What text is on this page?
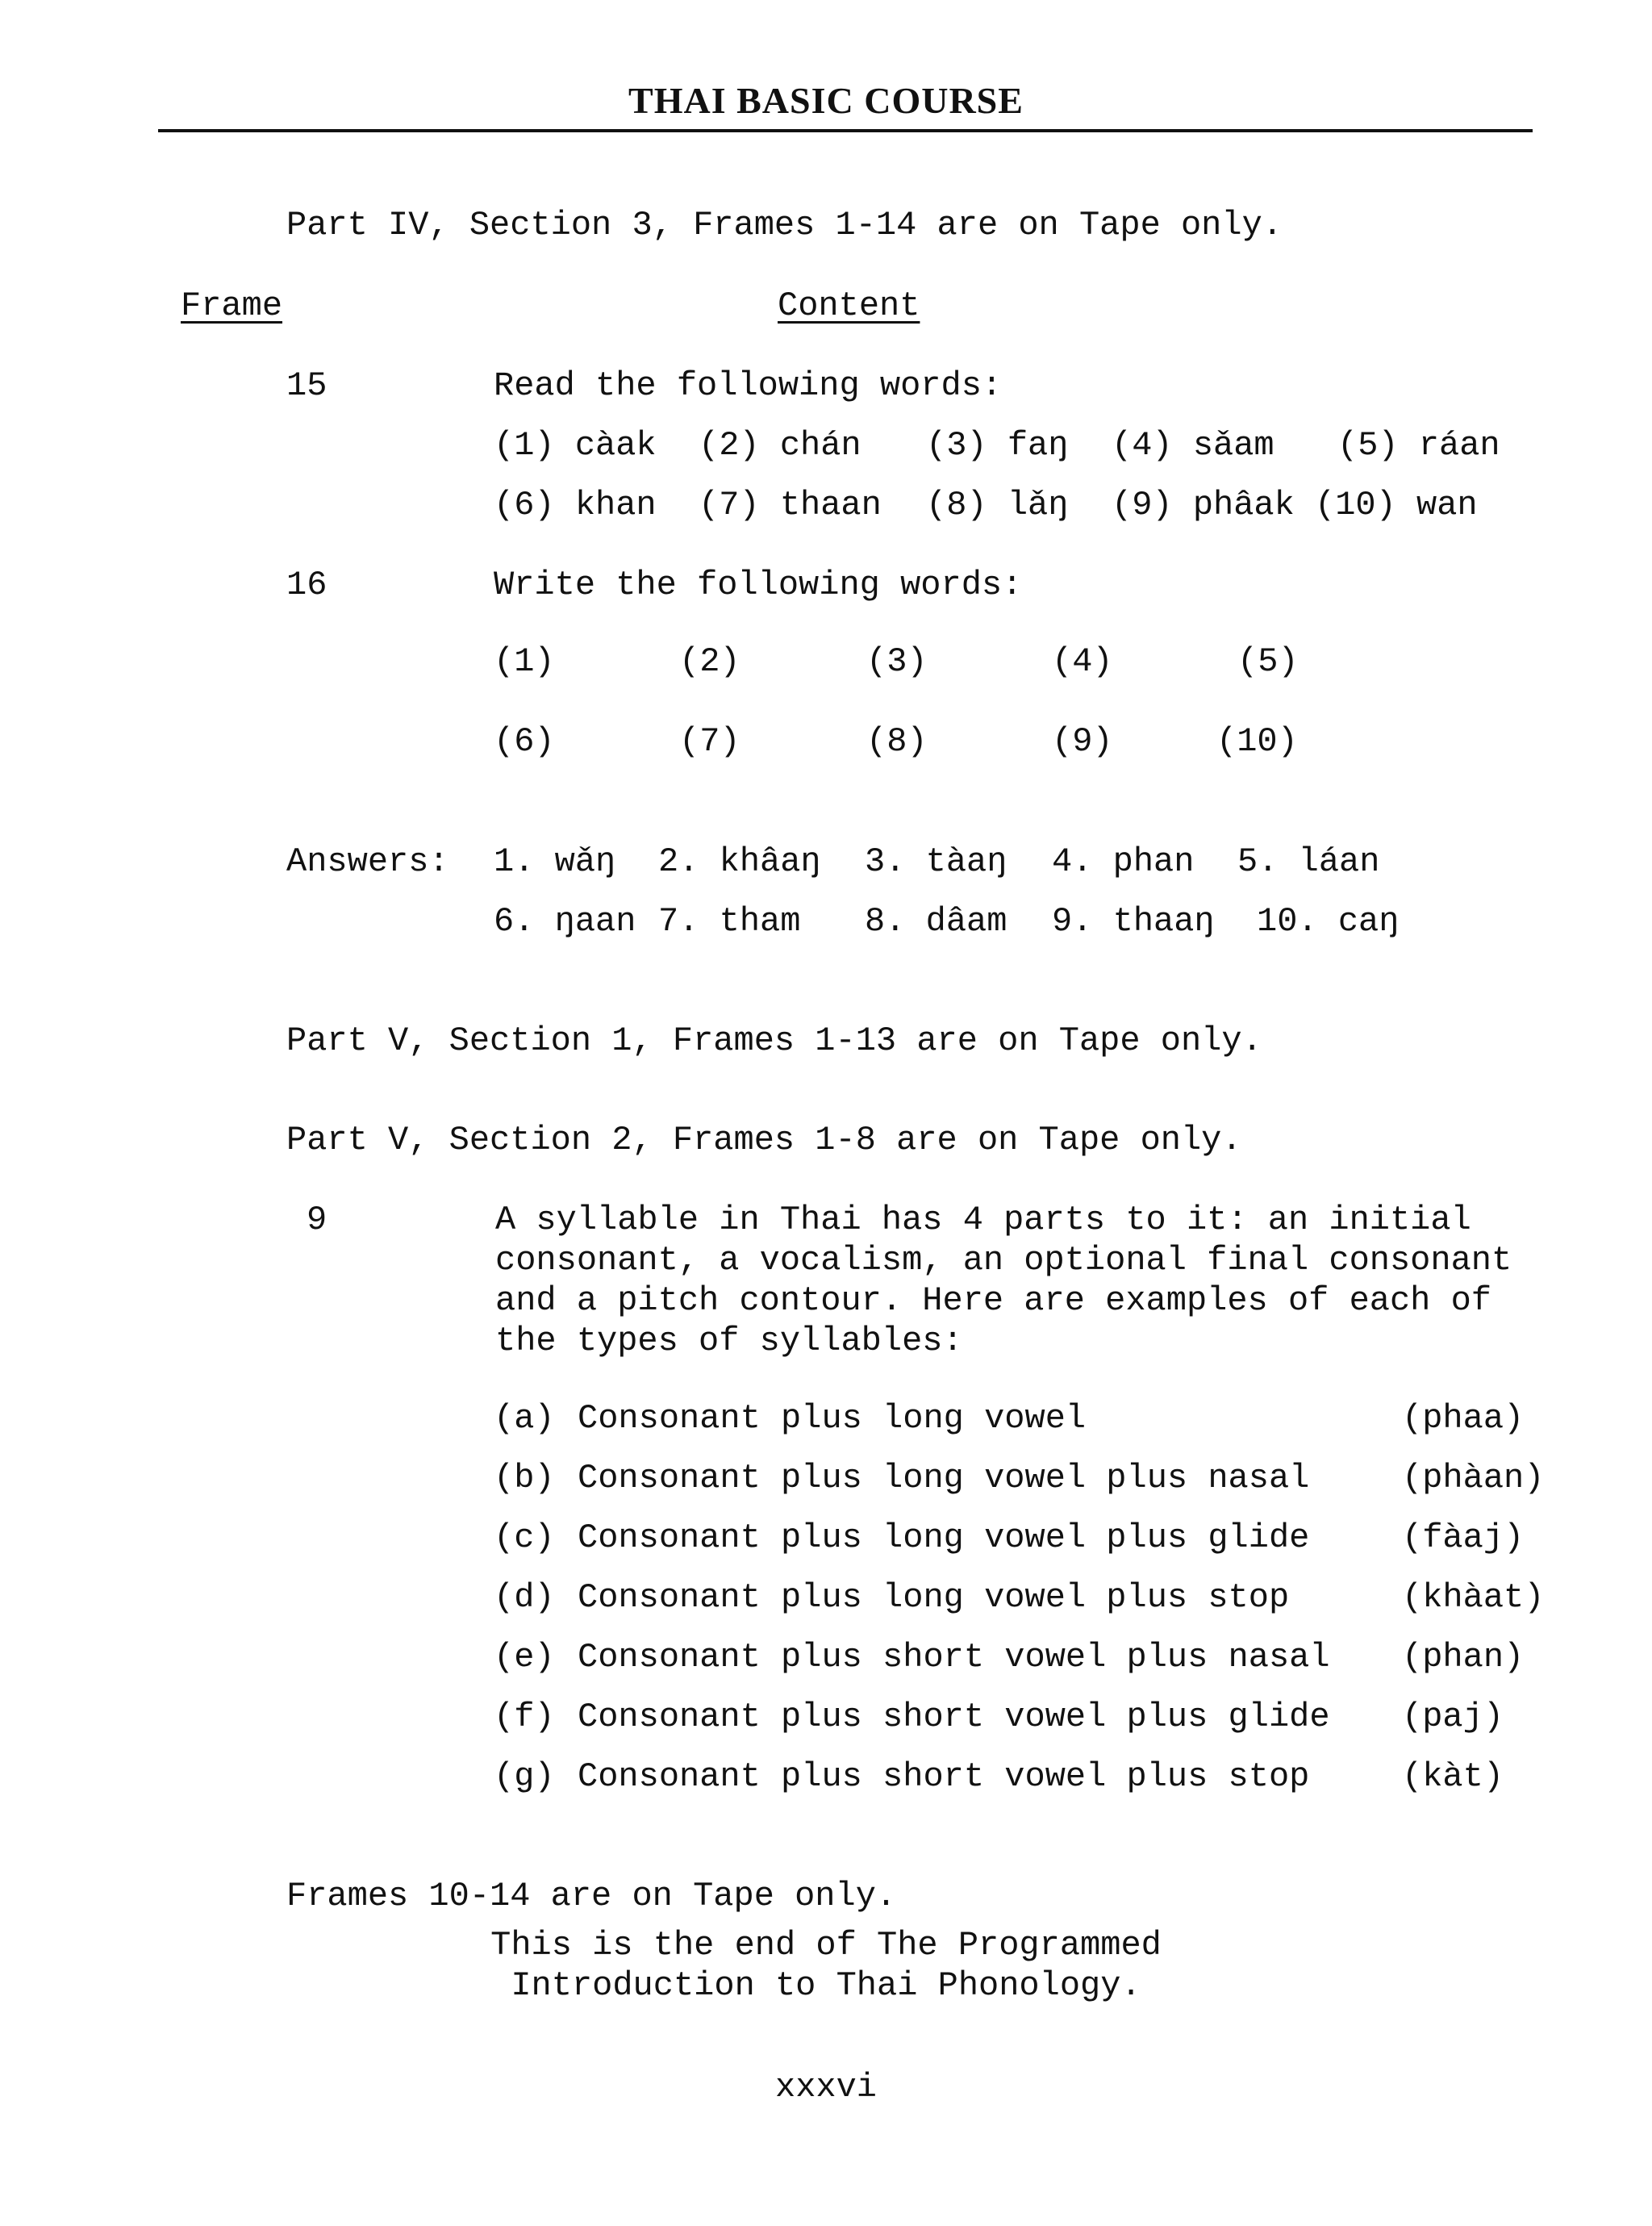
THAI BASIC COURSE
Part IV, Section 3, Frames 1-14 are on Tape only.
Frame	Content
15	Read the following words:
(1) càak (2) chán (3) faŋ (4) sǎam (5) ráan
(6) khan (7) thaan (8) lǎŋ (9) phâak (10) wan
16	Write the following words:
(1)	(2)	(3)	(4)	(5)
(6)	(7)	(8)	(9)	(10)
Answers: 1. wǎŋ 2. khâaŋ 3. tàaŋ 4. phan 5. láan
6. ŋaan 7. tham 8. dâam 9. thaaŋ 10. caŋ
Part V, Section 1, Frames 1-13 are on Tape only.
Part V, Section 2, Frames 1-8 are on Tape only.
9	A syllable in Thai has 4 parts to it: an initial consonant, a vocalism, an optional final consonant and a pitch contour. Here are examples of each of the types of syllables:
(a) Consonant plus long vowel	(phaa)
(b) Consonant plus long vowel plus nasal	(phàan)
(c) Consonant plus long vowel plus glide	(fàaj)
(d) Consonant plus long vowel plus stop	(khàat)
(e) Consonant plus short vowel plus nasal (phan)
(f) Consonant plus short vowel plus glide (paj)
(g) Consonant plus short vowel plus stop	(kàt)
Frames 10-14 are on Tape only.
This is the end of The Programmed
Introduction to Thai Phonology.
xxxvi
